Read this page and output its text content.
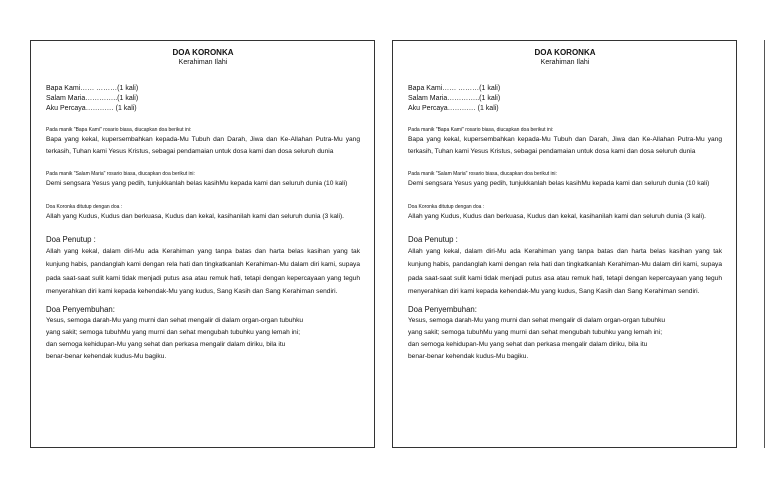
DOA KORONKA
Kerahiman Ilahi
Bapa Kami…… ………(1 kali)
Salam Maria…………..(1 kali)
Aku Percaya………… (1 kali)
Pada manik "Bapa Kami" rosario biasa, diucapkan doa berikut ini:
Bapa yang kekal, kupersembahkan kepada-Mu Tubuh dan Darah, Jiwa dan Ke-Allahan Putra-Mu yang terkasih, Tuhan kami Yesus Kristus, sebagai pendamaian untuk dosa kami dan dosa seluruh dunia
Pada manik "Salam Maria" rosario biasa, diucapkan doa berikut ini:
Demi sengsara Yesus yang pedih, tunjukkanlah belas kasihMu kepada kami dan seluruh dunia (10 kali)
Doa Koronka ditutup dengan doa :
Allah yang Kudus, Kudus dan berkuasa, Kudus dan kekal, kasihanilah kami dan seluruh dunia (3 kali).
Doa Penutup :
Allah yang kekal, dalam diri-Mu ada Kerahiman yang tanpa batas dan harta belas kasihan yang tak kunjung habis, pandanglah kami dengan rela hati dan tingkatkanlah Kerahiman-Mu dalam diri kami, supaya pada saat-saat sulit kami tidak menjadi putus asa atau remuk hati, tetapi dengan kepercayaan yang teguh menyerahkan diri kami kepada kehendak-Mu yang kudus, Sang Kasih dan Sang Kerahiman sendiri.
Doa Penyembuhan:
Yesus, semoga darah-Mu yang murni dan sehat mengalir di dalam organ-organ tubuhku
yang sakit; semoga tubuhMu yang murni dan sehat mengubah tubuhku yang lemah ini;
dan semoga kehidupan-Mu yang sehat dan perkasa mengalir dalam diriku, bila itu
benar-benar kehendak kudus-Mu bagiku.
DOA KORONKA
Kerahiman Ilahi
Bapa Kami…… ………(1 kali)
Salam Maria…………..(1 kali)
Aku Percaya………… (1 kali)
Pada manik "Bapa Kami" rosario biasa, diucapkan doa berikut ini:
Bapa yang kekal, kupersembahkan kepada-Mu Tubuh dan Darah, Jiwa dan Ke-Allahan Putra-Mu yang terkasih, Tuhan kami Yesus Kristus, sebagai pendamaian untuk dosa kami dan dosa seluruh dunia
Pada manik "Salam Maria" rosario biasa, diucapkan doa berikut ini:
Demi sengsara Yesus yang pedih, tunjukkanlah belas kasihMu kepada kami dan seluruh dunia (10 kali)
Doa Koronka ditutup dengan doa :
Allah yang Kudus, Kudus dan berkuasa, Kudus dan kekal, kasihanilah kami dan seluruh dunia (3 kali).
Doa Penutup :
Allah yang kekal, dalam diri-Mu ada Kerahiman yang tanpa batas dan harta belas kasihan yang tak kunjung habis, pandanglah kami dengan rela hati dan tingkatkanlah Kerahiman-Mu dalam diri kami, supaya pada saat-saat sulit kami tidak menjadi putus asa atau remuk hati, tetapi dengan kepercayaan yang teguh menyerahkan diri kami kepada kehendak-Mu yang kudus, Sang Kasih dan Sang Kerahiman sendiri.
Doa Penyembuhan:
Yesus, semoga darah-Mu yang murni dan sehat mengalir di dalam organ-organ tubuhku
yang sakit; semoga tubuhMu yang murni dan sehat mengubah tubuhku yang lemah ini;
dan semoga kehidupan-Mu yang sehat dan perkasa mengalir dalam diriku, bila itu
benar-benar kehendak kudus-Mu bagiku.
